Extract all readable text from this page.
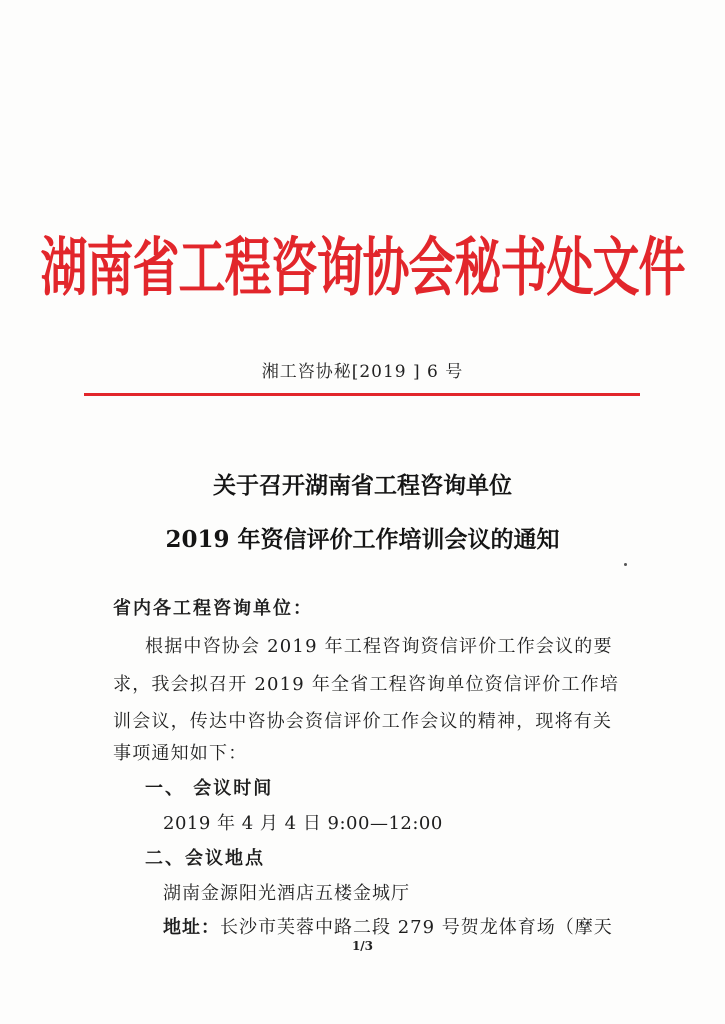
湖南省工程咨询协会秘书处文件
湘工咨协秘[2019 ] 6 号
关于召开湖南省工程咨询单位
2019 年资信评价工作培训会议的通知
省内各工程咨询单位：
根据中咨协会 2019 年工程咨询资信评价工作会议的要
求，我会拟召开 2019 年全省工程咨询单位资信评价工作培
训会议，传达中咨协会资信评价工作会议的精神，现将有关
事项通知如下：
一、 会议时间
2019 年 4 月 4 日 9:00—12:00
二、会议地点
湖南金源阳光酒店五楼金城厅
地址：长沙市芙蓉中路二段 279 号贺龙体育场（摩天
1/3
